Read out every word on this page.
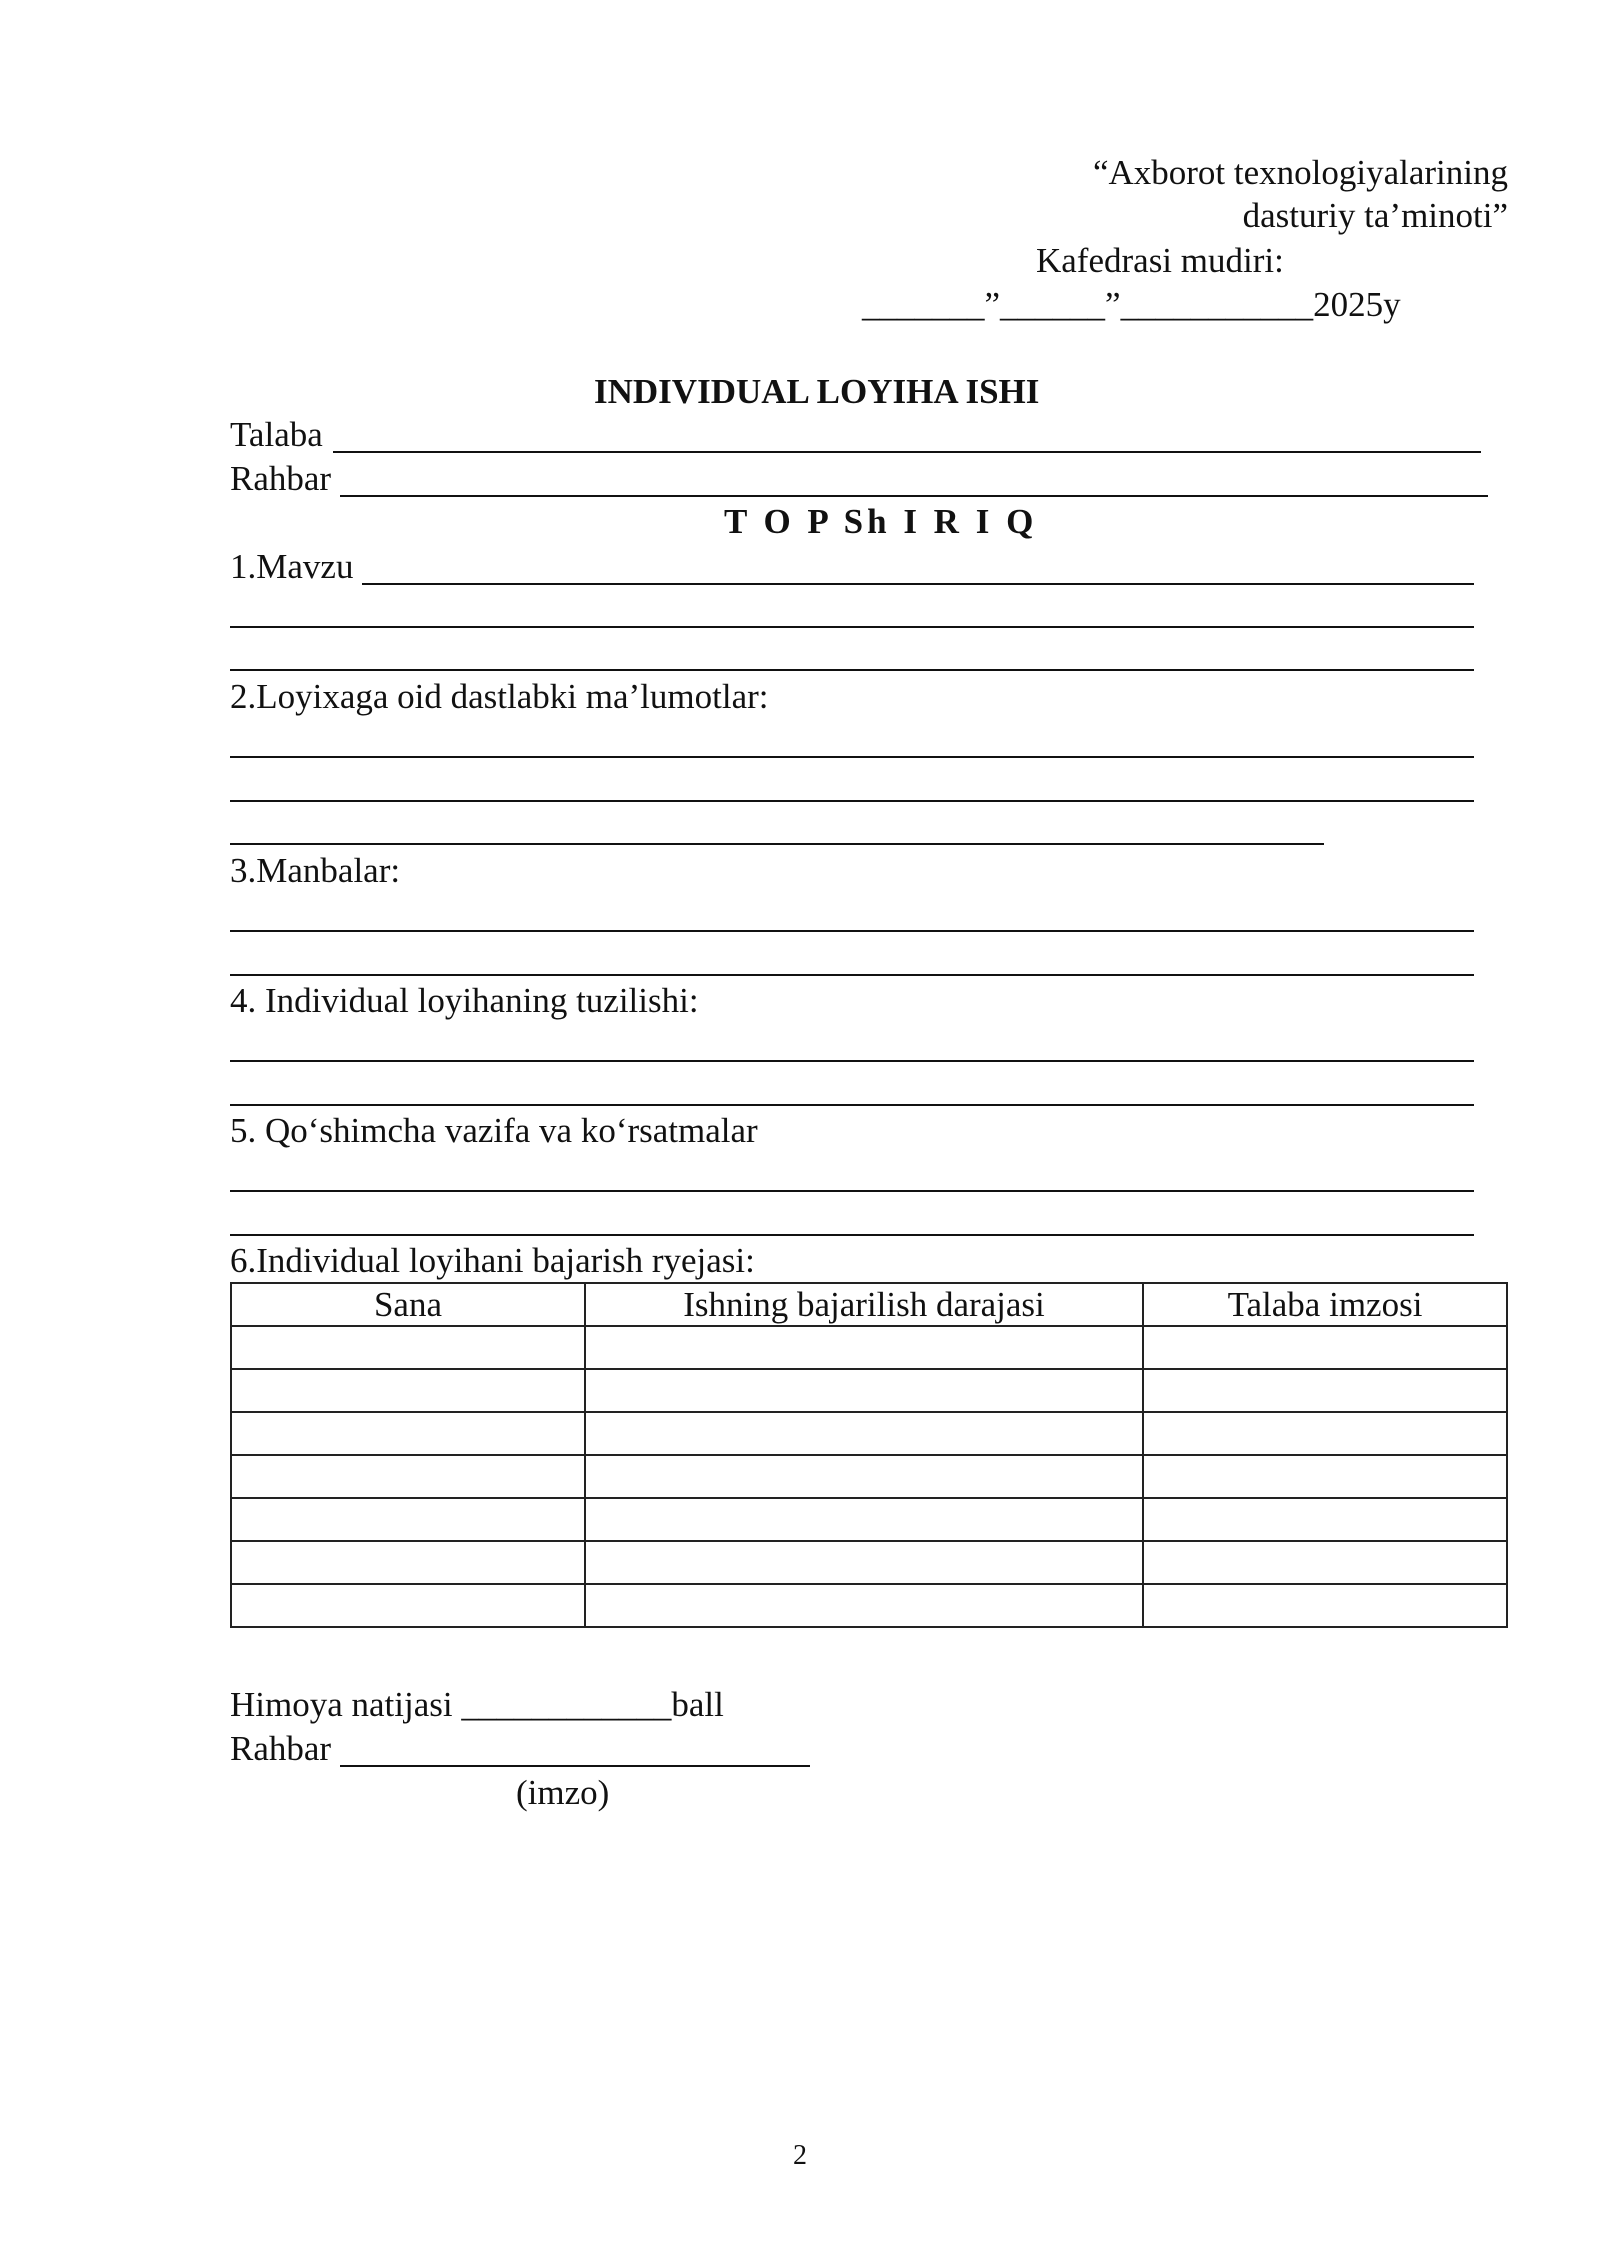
“Axborot texnologiyalarining
dasturiy ta’minoti”
Kafedrasi mudiri:
_______”______”___________2025y
INDIVIDUAL LOYIHA ISHI
Talaba
Rahbar
T O P Sh I R I Q
1.Mavzu
2.Loyixaga oid dastlabki ma’lumotlar:
3.Manbalar:
4. Individual loyihaning tuzilishi:
5. Qo‘shimcha vazifa va ko‘rsatmalar
6.Individual loyihani bajarish ryejasi:
Sana	Ishning bajarilish darajasi	Talaba imzosi

Himoya natijasi ____________ball
Rahbar
(imzo)
2
